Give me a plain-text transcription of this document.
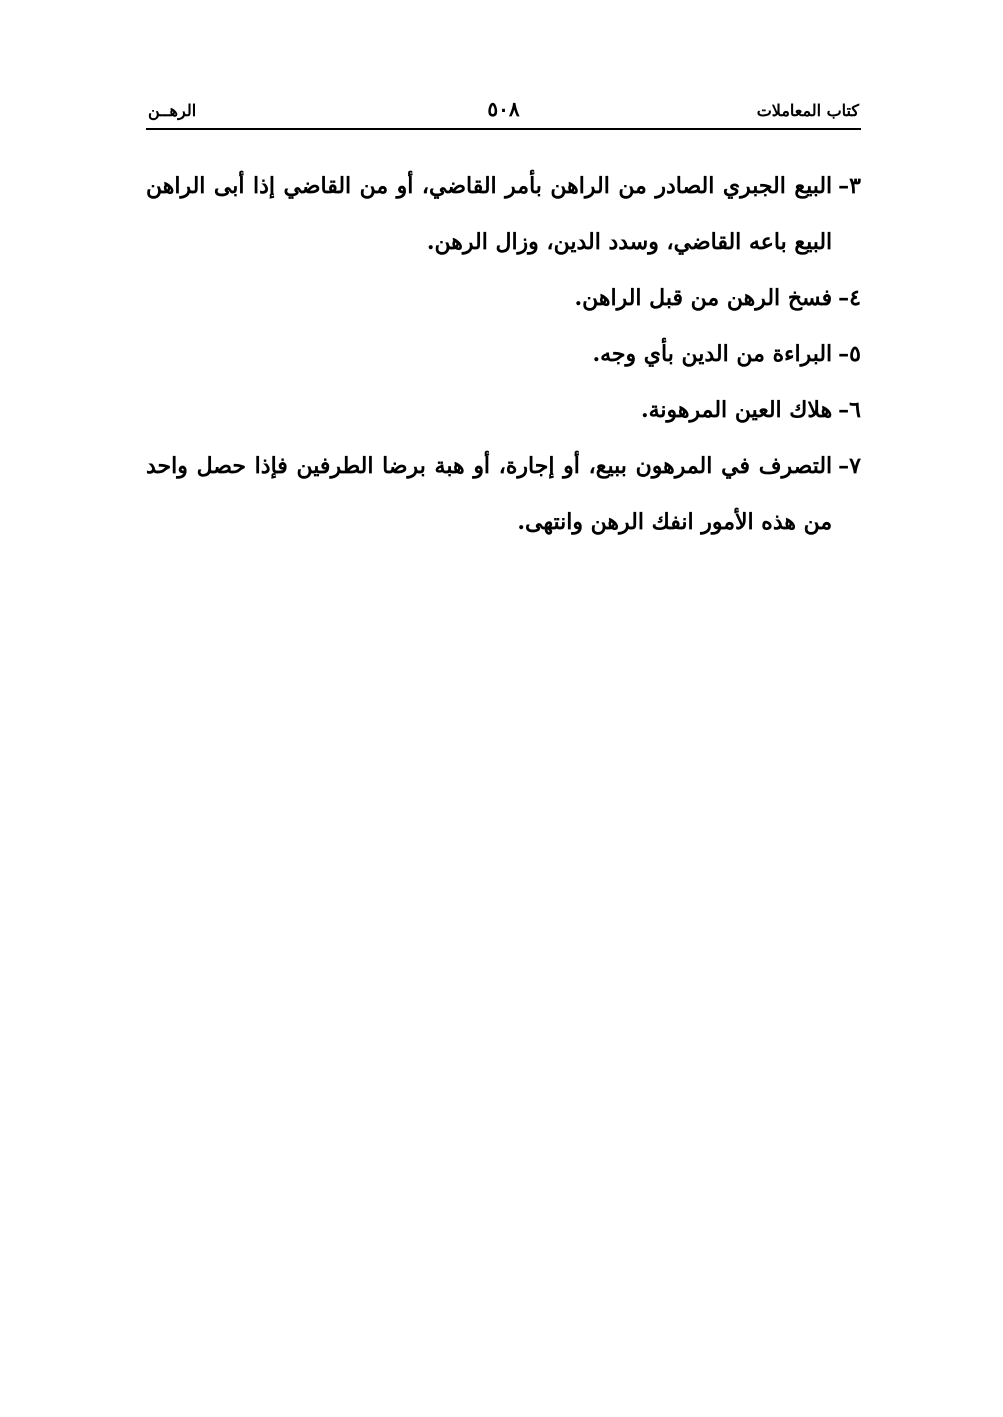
كتاب المعاملات
٥٠٨
الرهــن
٣–
البيع الجبري الصادر من الراهن بأمر القاضي، أو من القاضي إذا أبى الراهن البيع باعه القاضي، وسدد الدين، وزال الرهن.
٤–
فسخ الرهن من قبل الراهن.
٥–
البراءة من الدين بأي وجه.
٦–
هلاك العين المرهونة.
٧–
التصرف في المرهون ببيع، أو إجارة، أو هبة برضا الطرفين فإذا حصل واحد من هذه الأمور انفك الرهن وانتهى.
